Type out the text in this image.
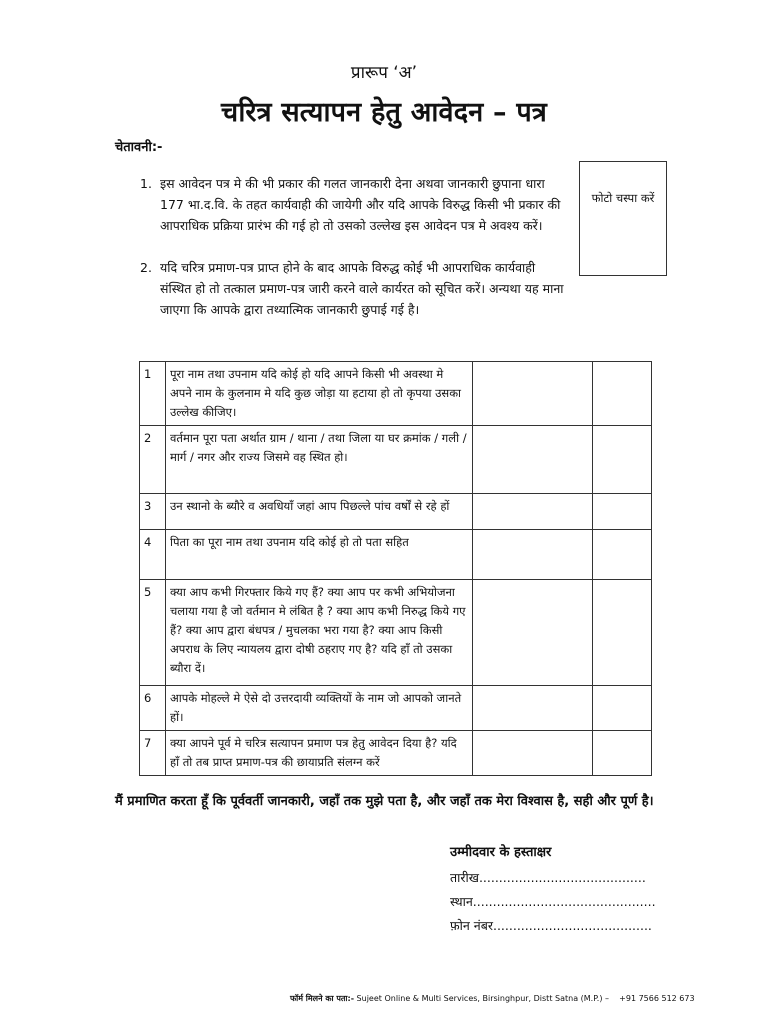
प्रारूप ‘अ’
चरित्र सत्यापन हेतु आवेदन – पत्र
चेतावनी:-
1. इस आवेदन पत्र मे की भी प्रकार की गलत जानकारी देना अथवा जानकारी छुपाना धारा 177 भा.द.वि. के तहत कार्यवाही की जायेगी और यदि आपके विरुद्ध किसी भी प्रकार की आपराधिक प्रक्रिया प्रारंभ की गई हो तो उसको उल्लेख इस आवेदन पत्र मे अवश्य करें।
2. यदि चरित्र प्रमाण-पत्र प्राप्त होने के बाद आपके विरुद्ध कोई भी आपराधिक कार्यवाही संस्थित हो तो तत्काल प्रमाण-पत्र जारी करने वाले कार्यरत को सूचित करें। अन्यथा यह माना जाएगा कि आपके द्वारा तथ्यात्मिक जानकारी छुपाई गई है।
फोटो चस्पा करें
1	पूरा नाम तथा उपनाम यदि कोई हो यदि आपने किसी भी अवस्था मे अपने नाम के कुलनाम मे यदि कुछ जोड़ा या हटाया हो तो कृपया उसका उल्लेख कीजिए।		
2	वर्तमान पूरा पता अर्थात ग्राम / थाना / तथा जिला या घर क्रमांक / गली / मार्ग / नगर और राज्य जिसमे वह स्थित हो।		
3	उन स्थानो के ब्यौरे व अवधियाँ जहां आप पिछल्ले पांच वर्षों से रहे हों		
4	पिता का पूरा नाम तथा उपनाम यदि कोई हो तो पता सहित		
5	क्या आप कभी गिरफ्तार किये गए हैं? क्या आप पर कभी अभियोजना चलाया गया है जो वर्तमान मे लंबित है ? क्या आप कभी निरुद्ध किये गए हैं? क्या आप द्वारा बंधपत्र / मुचलका भरा गया है? क्या आप किसी अपराध के लिए न्यायलय द्वारा दोषी ठहराए गए है? यदि हाँ तो उसका ब्यौरा दें।		
6	आपके मोहल्ले मे ऐसे दो उत्तरदायी व्यक्तियों के नाम जो आपको जानते हों।		
7	क्या आपने पूर्व मे चरित्र सत्यापन प्रमाण पत्र हेतु आवेदन दिया है? यदि हाँ तो तब प्राप्त प्रमाण-पत्र की छायाप्रति संलग्न करें		
मैं प्रमाणित करता हूँ कि पूर्ववर्ती जानकारी, जहाँ तक मुझे पता है, और जहाँ तक मेरा विश्वास है, सही और पूर्ण है।
उम्मीदवार के हस्ताक्षर
तारीख..........................................
स्थान..............................................
फ़ोन नंबर........................................
फॉर्म मिलने का पता:- Sujeet Online & Multi Services, Birsinghpur, Distt Satna (M.P.) – +91 7566 512 673
